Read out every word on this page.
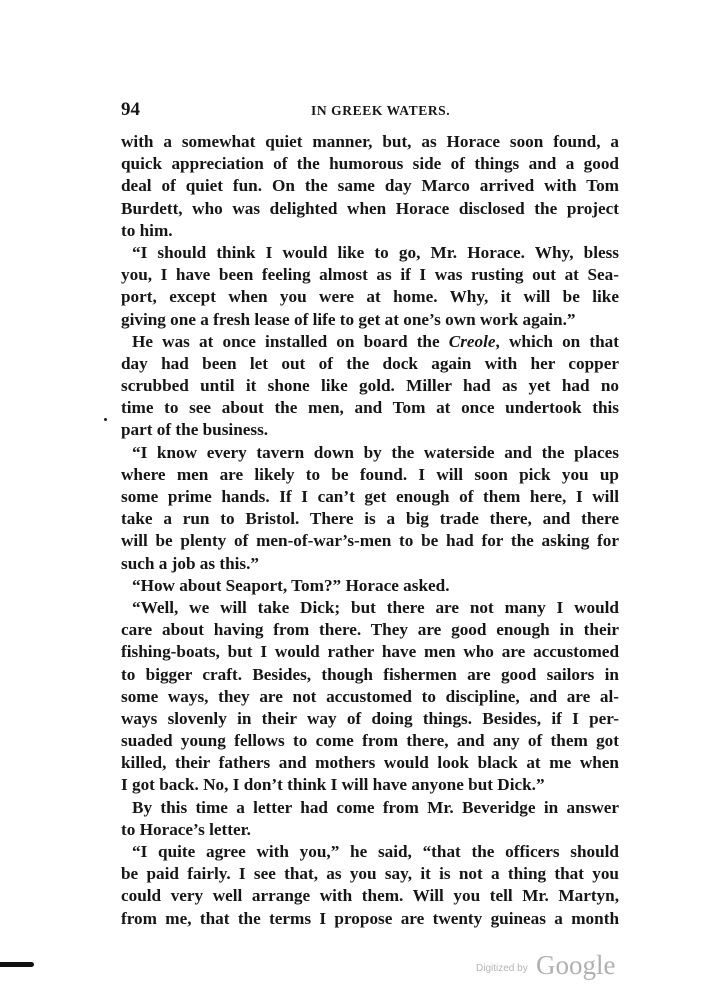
94	IN GREEK WATERS.
with a somewhat quiet manner, but, as Horace soon found, a
quick appreciation of the humorous side of things and a good
deal of quiet fun. On the same day Marco arrived with Tom
Burdett, who was delighted when Horace disclosed the project
to him.
“I should think I would like to go, Mr. Horace. Why, bless
you, I have been feeling almost as if I was rusting out at Sea-
port, except when you were at home. Why, it will be like
giving one a fresh lease of life to get at one’s own work again.”
He was at once installed on board the Creole, which on that
day had been let out of the dock again with her copper
scrubbed until it shone like gold. Miller had as yet had no
time to see about the men, and Tom at once undertook this
part of the business.
“I know every tavern down by the waterside and the places
where men are likely to be found. I will soon pick you up
some prime hands. If I can’t get enough of them here, I will
take a run to Bristol. There is a big trade there, and there
will be plenty of men-of-war’s-men to be had for the asking for
such a job as this.”
“How about Seaport, Tom?” Horace asked.
“Well, we will take Dick; but there are not many I would
care about having from there. They are good enough in their
fishing-boats, but I would rather have men who are accustomed
to bigger craft. Besides, though fishermen are good sailors in
some ways, they are not accustomed to discipline, and are al-
ways slovenly in their way of doing things. Besides, if I per-
suaded young fellows to come from there, and any of them got
killed, their fathers and mothers would look black at me when
I got back. No, I don’t think I will have anyone but Dick.”
By this time a letter had come from Mr. Beveridge in answer
to Horace’s letter.
“I quite agree with you,” he said, “that the officers should
be paid fairly. I see that, as you say, it is not a thing that you
could very well arrange with them. Will you tell Mr. Martyn,
from me, that the terms I propose are twenty guineas a month
Digitized by Google
